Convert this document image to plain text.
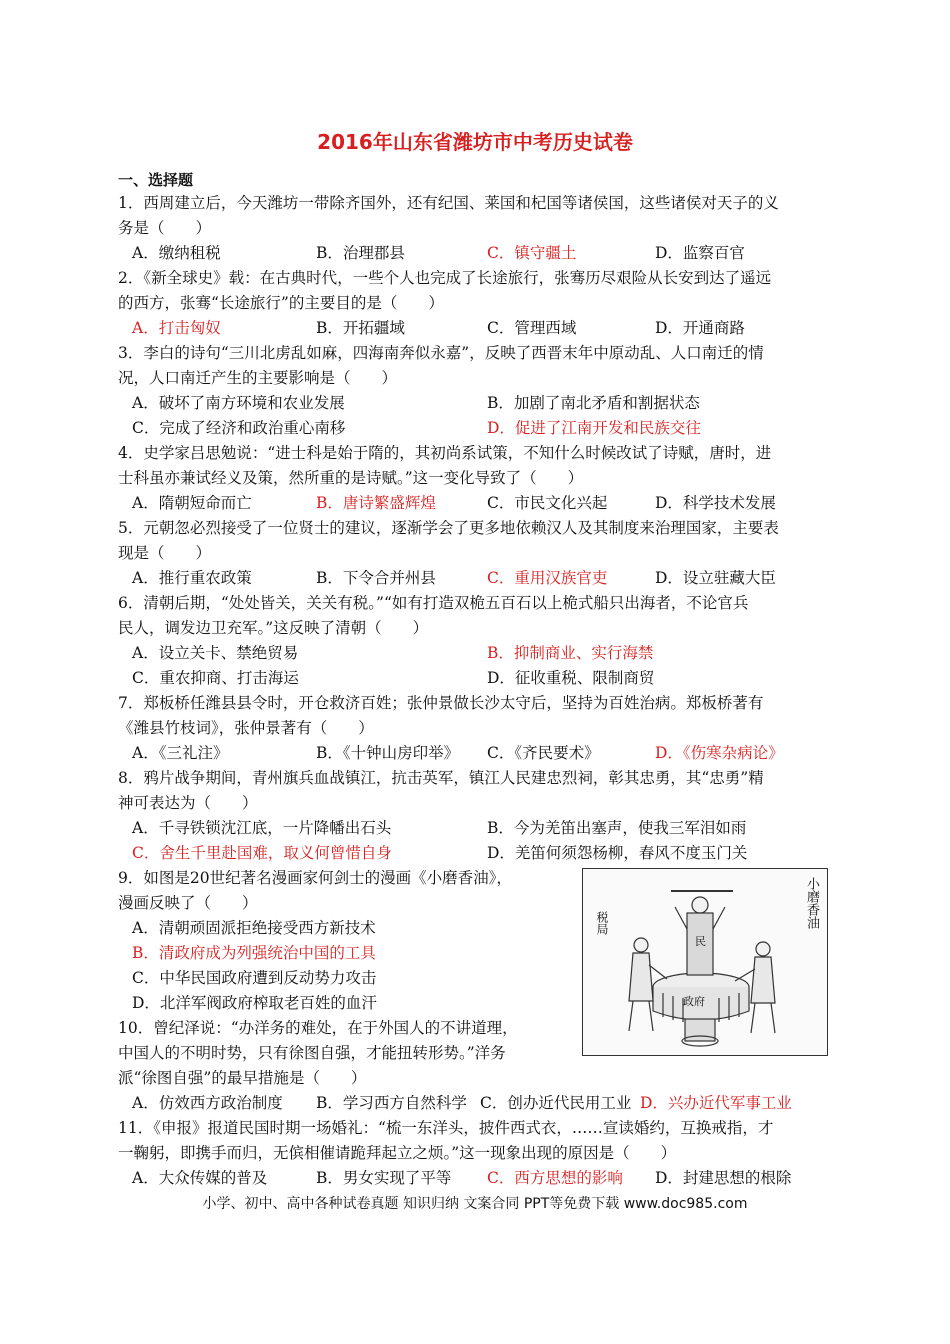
2016年山东省潍坊市中考历史试卷
一、选择题
1．西周建立后，今天潍坊一带除齐国外，还有纪国、莱国和杞国等诸侯国，这些诸侯对天子的义
务是（　　）
A．缴纳租税	B．治理郡县	C．镇守疆土	D．监察百官
2．《新全球史》载：在古典时代，一些个人也完成了长途旅行，张骞历尽艰险从长安到达了遥远
的西方，张骞“长途旅行”的主要目的是（　　）
A．打击匈奴	B．开拓疆域	C．管理西域	D．开通商路
3．李白的诗句“三川北虏乱如麻，四海南奔似永嘉”，反映了西晋末年中原动乱、人口南迁的情
况，人口南迁产生的主要影响是（　　）
A．破坏了南方环境和农业发展	B．加剧了南北矛盾和割据状态
C．完成了经济和政治重心南移	D．促进了江南开发和民族交往
4．史学家吕思勉说：“进士科是始于隋的，其初尚系试策，不知什么时候改试了诗赋，唐时，进
士科虽亦兼试经义及策，然所重的是诗赋。”这一变化导致了（　　）
A．隋朝短命而亡	B．唐诗繁盛辉煌	C．市民文化兴起	D．科学技术发展
5．元朝忽必烈接受了一位贤士的建议，逐渐学会了更多地依赖汉人及其制度来治理国家，主要表
现是（　　）
A．推行重农政策	B．下令合并州县	C．重用汉族官吏	D．设立驻藏大臣
6．清朝后期，“处处皆关，关关有税。”“如有打造双桅五百石以上桅式船只出海者，不论官兵
民人，调发边卫充军。”这反映了清朝（　　）
A．设立关卡、禁绝贸易	B．抑制商业、实行海禁
C．重农抑商、打击海运	D．征收重税、限制商贸
7．郑板桥任潍县县令时，开仓救济百姓；张仲景做长沙太守后，坚持为百姓治病。郑板桥著有
《潍县竹枝词》，张仲景著有（　　）
A．《三礼注》	B．《十钟山房印举》 C．《齐民要术》	D．《伤寒杂病论》
8．鸦片战争期间，青州旗兵血战镇江，抗击英军，镇江人民建忠烈祠，彰其忠勇，其“忠勇”精
神可表达为（　　）
A．千寻铁锁沈江底，一片降幡出石头	B．今为羌笛出塞声，使我三军泪如雨
C．舍生千里赴国难，取义何曾惜自身	D．羌笛何须怨杨柳，春风不度玉门关
9．如图是20世纪著名漫画家何剑士的漫画《小磨香油》，
漫画反映了（　　）
A．清朝顽固派拒绝接受西方新技术
B．清政府成为列强统治中国的工具
C．中华民国政府遭到反动势力攻击
D．北洋军阀政府榨取老百姓的血汗
小磨香油
税局
政府
民
10．曾纪泽说：“办洋务的难处，在于外国人的不讲道理，
中国人的不明时势，只有徐图自强，才能扭转形势。”洋务
派“徐图自强”的最早措施是（　　）
A．仿效西方政治制度 B．学习西方自然科学 C．创办近代民用工业 D．兴办近代军事工业
11．《申报》报道民国时期一场婚礼：“梳一东洋头，披件西式衣，……宣读婚约，互换戒指，才
一鞠躬，即携手而归，无傧相催请跪拜起立之烦。”这一现象出现的原因是（　　）
A．大众传媒的普及	B．男女实现了平等 C．西方思想的影响 D．封建思想的根除
小学、初中、高中各种试卷真题 知识归纳 文案合同 PPT等免费下载 www.doc985.com
